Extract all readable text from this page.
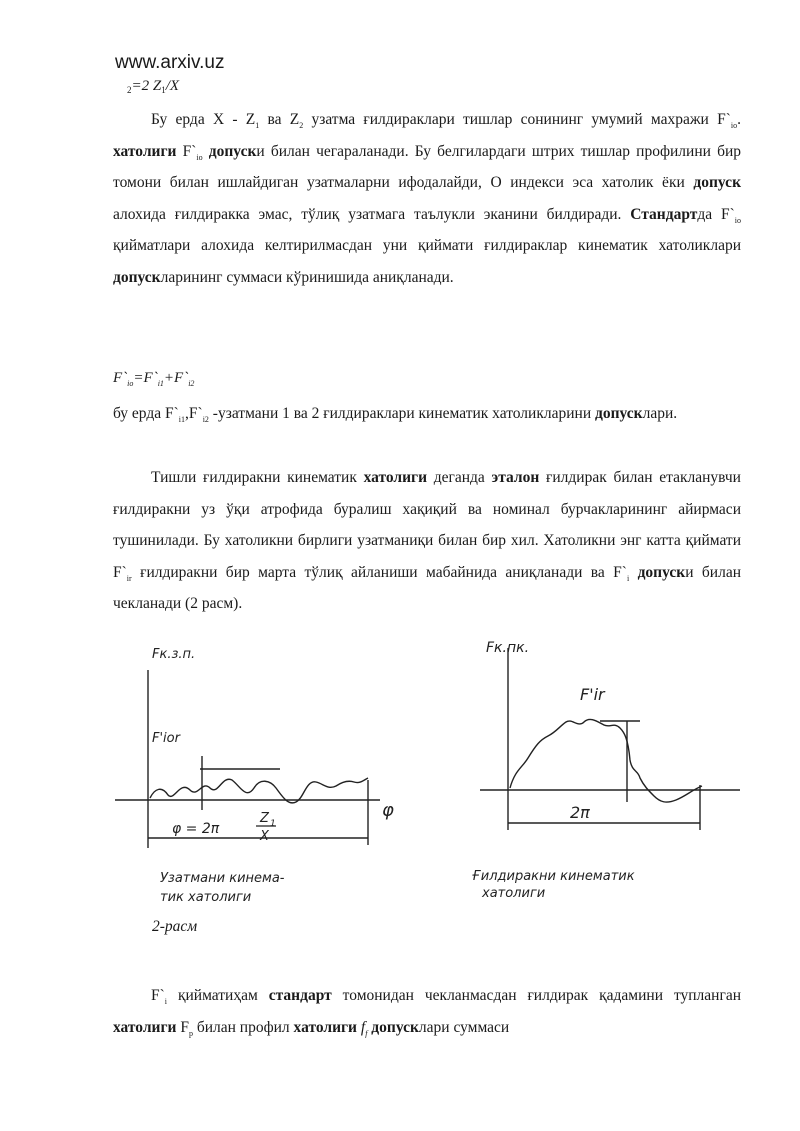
www.arxiv.uz
$_2$=2 $Z_1/X$

Бу ерда X - $Z_1$ ва $Z_2$ узатма ғилдираклари тишлар сонининг умумий махражи $F`_{io}$. хатолиги $F`_{io}$ допуски билан чегараланади. Бу белгилардаги штрих тишлар профилини бир томони билан ишлайдиган узатмаларни ифодалайди, О индекси эса хатолик ёки допуск алохида ғилдиракка эмас, тўлиқ узатмага таълукли эканини билдиради. Стандартда $F`_{io}$ қийматлари алохида келтирилмасдан уни қиймати ғилдираклар кинематик хатоликлари допускларининг суммаси кўринишида аниқланади.

$F`_{io}=F`_{i1}+F`_{i2}$

бу ерда $F`_{i1},F`_{i2}$ -узатмани 1 ва 2 ғилдираклари кинематик хатоликларини допусклари.

Тишли ғилдиракни кинематик хатолиги деганда эталон ғилдирак билан етакланувчи ғилдиракни уз ўқи атрофида буралиш хақиқий ва номинал бурчакларининг айирмаси тушинилади. Бу хатоликни бирлиги узатманиқи билан бир хил. Хатоликни энг катта қиймати $F`_{ir}$ ғилдиракни бир марта тўлиқ айланиши мабайнида аниқланади ва $F`_i$ допуски билан чекланади (2 расм).

Fк.з.п.
F'ior
φ
φ = 2π
Z 1
X
Узатмани кинема-
тик хатолиги
Fк.пк.
F'ir
2π
Ғилдиракни кинематик
хатолиги
2-расм

$F`_i$ қийматиҳам стандарт томонидан чекланмасдан ғилдирак қадамини тупланган хатолиги $F_p$ билан профил хатолиги $f_f$ допусклари суммаси
